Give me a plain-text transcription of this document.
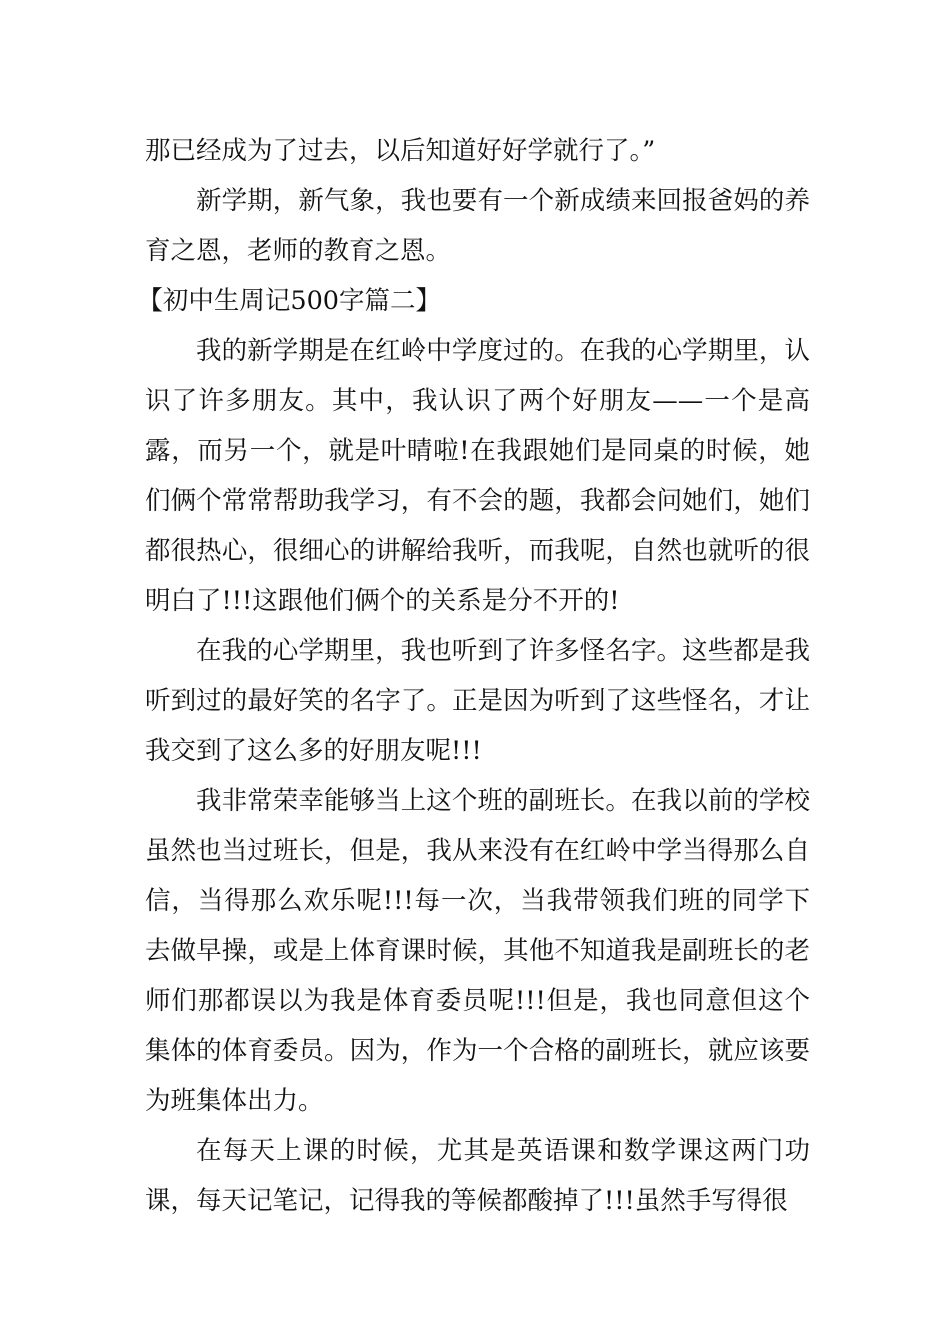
那已经成为了过去，以后知道好好学就行了。”

新学期，新气象，我也要有一个新成绩来回报爸妈的养育之恩，老师的教育之恩。

【初中生周记500字篇二】

我的新学期是在红岭中学度过的。在我的心学期里，认识了许多朋友。其中，我认识了两个好朋友——一个是高露，而另一个，就是叶晴啦!在我跟她们是同桌的时候，她们俩个常常帮助我学习，有不会的题，我都会问她们，她们都很热心，很细心的讲解给我听，而我呢，自然也就听的很明白了!!!这跟他们俩个的关系是分不开的!

在我的心学期里，我也听到了许多怪名字。这些都是我听到过的最好笑的名字了。正是因为听到了这些怪名，才让我交到了这么多的好朋友呢!!!

我非常荣幸能够当上这个班的副班长。在我以前的学校虽然也当过班长，但是，我从来没有在红岭中学当得那么自信，当得那么欢乐呢!!!每一次，当我带领我们班的同学下去做早操，或是上体育课时候，其他不知道我是副班长的老师们那都误以为我是体育委员呢!!!但是，我也同意但这个集体的体育委员。因为，作为一个合格的副班长，就应该要为班集体出力。

在每天上课的时候，尤其是英语课和数学课这两门功课，每天记笔记，记得我的等候都酸掉了!!!虽然手写得很
